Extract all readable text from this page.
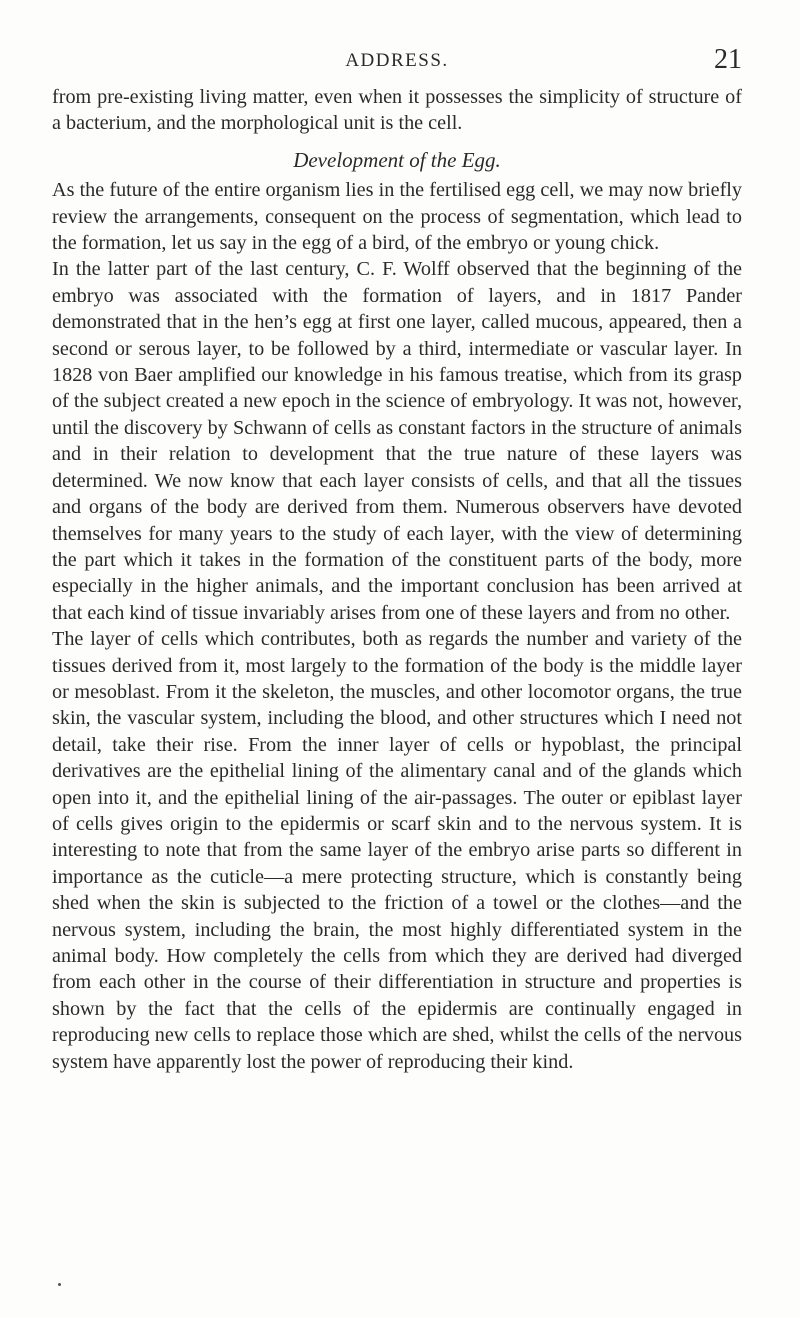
ADDRESS.	21

from pre-existing living matter, even when it possesses the simplicity of structure of a bacterium, and the morphological unit is the cell.

Development of the Egg.

As the future of the entire organism lies in the fertilised egg cell, we may now briefly review the arrangements, consequent on the process of segmentation, which lead to the formation, let us say in the egg of a bird, of the embryo or young chick.

In the latter part of the last century, C. F. Wolff observed that the beginning of the embryo was associated with the formation of layers, and in 1817 Pander demonstrated that in the hen’s egg at first one layer, called mucous, appeared, then a second or serous layer, to be followed by a third, intermediate or vascular layer. In 1828 von Baer amplified our knowledge in his famous treatise, which from its grasp of the subject created a new epoch in the science of embryology. It was not, however, until the discovery by Schwann of cells as constant factors in the structure of animals and in their relation to development that the true nature of these layers was determined. We now know that each layer consists of cells, and that all the tissues and organs of the body are derived from them. Numerous observers have devoted themselves for many years to the study of each layer, with the view of determining the part which it takes in the formation of the constituent parts of the body, more especially in the higher animals, and the important conclusion has been arrived at that each kind of tissue invariably arises from one of these layers and from no other.

The layer of cells which contributes, both as regards the number and variety of the tissues derived from it, most largely to the formation of the body is the middle layer or mesoblast. From it the skeleton, the muscles, and other locomotor organs, the true skin, the vascular system, including the blood, and other structures which I need not detail, take their rise. From the inner layer of cells or hypoblast, the principal derivatives are the epithelial lining of the alimentary canal and of the glands which open into it, and the epithelial lining of the air-passages. The outer or epiblast layer of cells gives origin to the epidermis or scarf skin and to the nervous system. It is interesting to note that from the same layer of the embryo arise parts so different in importance as the cuticle—a mere protecting structure, which is constantly being shed when the skin is subjected to the friction of a towel or the clothes—and the nervous system, including the brain, the most highly differentiated system in the animal body. How completely the cells from which they are derived had diverged from each other in the course of their differentiation in structure and properties is shown by the fact that the cells of the epidermis are continually engaged in reproducing new cells to replace those which are shed, whilst the cells of the nervous system have apparently lost the power of reproducing their kind.
